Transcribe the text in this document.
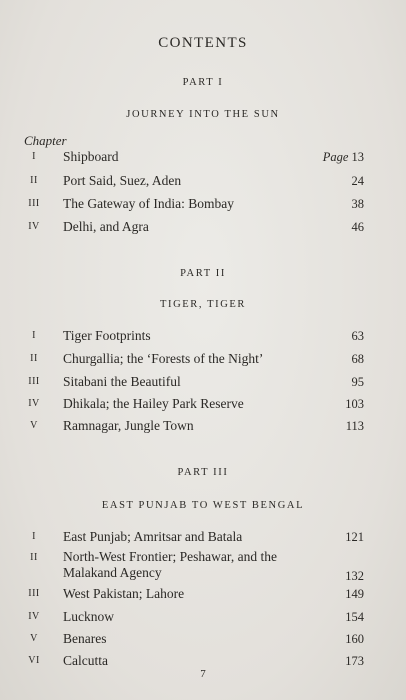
CONTENTS
PART I
JOURNEY INTO THE SUN
Chapter
I	Shipboard	Page 13
II	Port Said, Suez, Aden	24
III	The Gateway of India: Bombay	38
IV	Delhi, and Agra	46
PART II
TIGER, TIGER
I	Tiger Footprints	63
II	Churgallia; the ‘Forests of the Night’	68
III	Sitabani the Beautiful	95
IV	Dhikala; the Hailey Park Reserve	103
V	Ramnagar, Jungle Town	113
PART III
EAST PUNJAB TO WEST BENGAL
I	East Punjab; Amritsar and Batala	121
II	North-West Frontier; Peshawar, and the Malakand Agency	132
III	West Pakistan; Lahore	149
IV	Lucknow	154
V	Benares	160
VI	Calcutta	173
7
